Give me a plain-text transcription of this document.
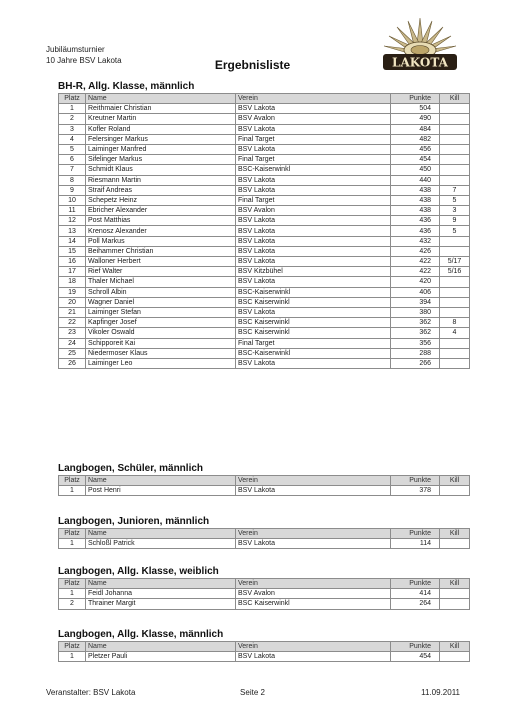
Jubiläumsturnier
10 Jahre BSV Lakota	Ergebnisliste	LAKOTA
BH-R, Allg. Klasse, männlich
Platz	Name	Verein	Punkte	Kill
1	Reithmaier Christian	BSV Lakota	504	
2	Kreutner Martin	BSV Avalon	490	
3	Kofler Roland	BSV Lakota	484	
4	Felersinger Markus	Final Target	482	
5	Laiminger Manfred	BSV Lakota	456	
6	Sifelinger Markus	Final Target	454	
7	Schmidt Klaus	BSC-Kaiserwinkl	450	
8	Riesmann Martin	BSV Lakota	440	
9	Straif Andreas	BSV Lakota	438	7
10	Schepetz Heinz	Final Target	438	5
11	Ebricher Alexander	BSV Avalon	438	3
12	Post Matthias	BSV Lakota	436	9
13	Krenosz Alexander	BSV Lakota	436	5
14	Poll Markus	BSV Lakota	432	
15	Beihammer Christian	BSV Lakota	426	
16	Walloner Herbert	BSV Lakota	422	5/17
17	Rief Walter	BSV Kitzbühel	422	5/16
18	Thaler Michael	BSV Lakota	420	
19	Schroll Albin	BSC-Kaiserwinkl	406	
20	Wagner Daniel	BSC Kaiserwinkl	394	
21	Laiminger Stefan	BSV Lakota	380	
22	Kapfinger Josef	BSC Kaiserwinkl	362	8
23	Vikoler Oswald	BSC Kaiserwinkl	362	4
24	Schipporeit Kai	Final Target	356	
25	Niedermoser Klaus	BSC-Kaiserwinkl	288	
26	Laiminger Leo	BSV Lakota	266	
Langbogen, Schüler, männlich
Platz	Name	Verein	Punkte	Kill
1	Post Henri	BSV Lakota	378	
Langbogen, Junioren, männlich
Platz	Name	Verein	Punkte	Kill
1	Schloßl Patrick	BSV Lakota	114	
Langbogen, Allg. Klasse, weiblich
Platz	Name	Verein	Punkte	Kill
1	Feidl Johanna	BSV Avalon	414	
2	Thrainer Margit	BSC Kaiserwinkl	264	
Langbogen, Allg. Klasse, männlich
Platz	Name	Verein	Punkte	Kill
1	Pletzer Pauli	BSV Lakota	454	
Veranstalter: BSV Lakota	Seite 2	11.09.2011
